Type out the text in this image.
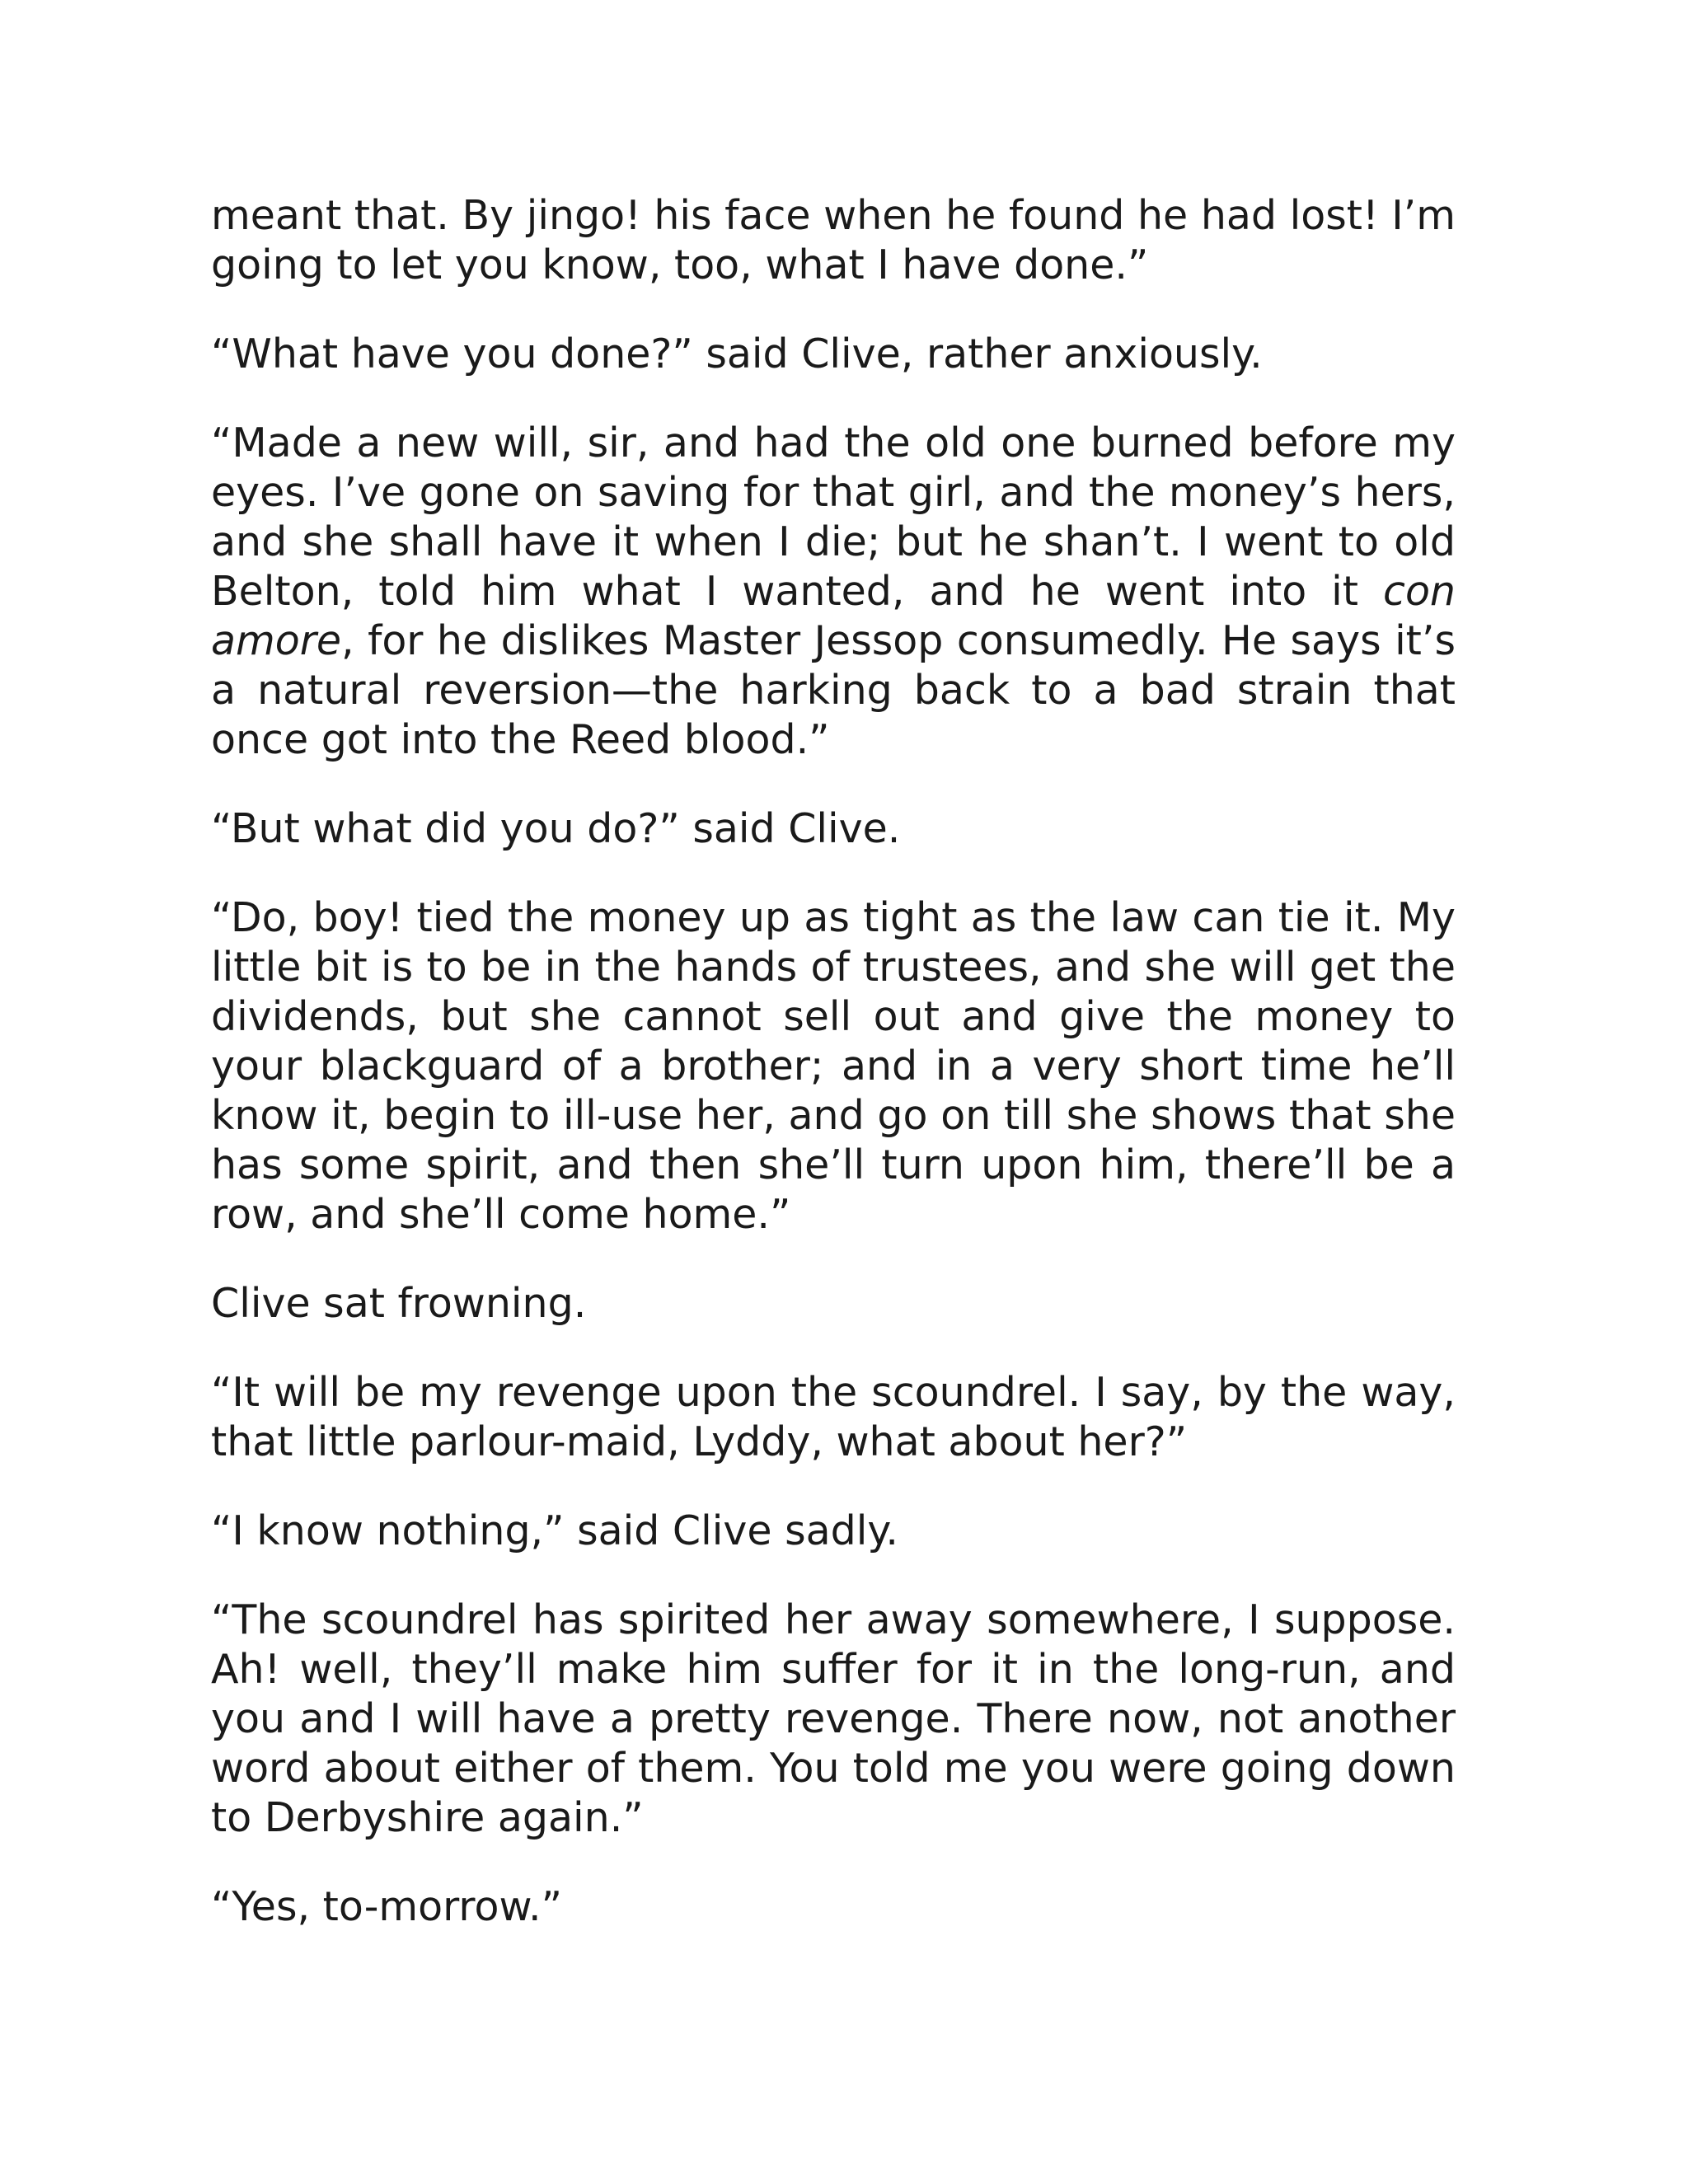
meant that. By jingo! his face when he found he had lost! I’m going to let you know, too, what I have done.”

“What have you done?” said Clive, rather anxiously.

“Made a new will, sir, and had the old one burned before my eyes. I’ve gone on saving for that girl, and the money’s hers, and she shall have it when I die; but he shan’t. I went to old Belton, told him what I wanted, and he went into it con amore, for he dislikes Master Jessop consumedly. He says it’s a natural reversion—the harking back to a bad strain that once got into the Reed blood.”

“But what did you do?” said Clive.

“Do, boy! tied the money up as tight as the law can tie it. My little bit is to be in the hands of trustees, and she will get the dividends, but she cannot sell out and give the money to your blackguard of a brother; and in a very short time he’ll know it, begin to ill-use her, and go on till she shows that she has some spirit, and then she’ll turn upon him, there’ll be a row, and she’ll come home.”

Clive sat frowning.

“It will be my revenge upon the scoundrel. I say, by the way, that little parlour-maid, Lyddy, what about her?”

“I know nothing,” said Clive sadly.

“The scoundrel has spirited her away somewhere, I suppose. Ah! well, they’ll make him suffer for it in the long-run, and you and I will have a pretty revenge. There now, not another word about either of them. You told me you were going down to Derbyshire again.”

“Yes, to-morrow.”
